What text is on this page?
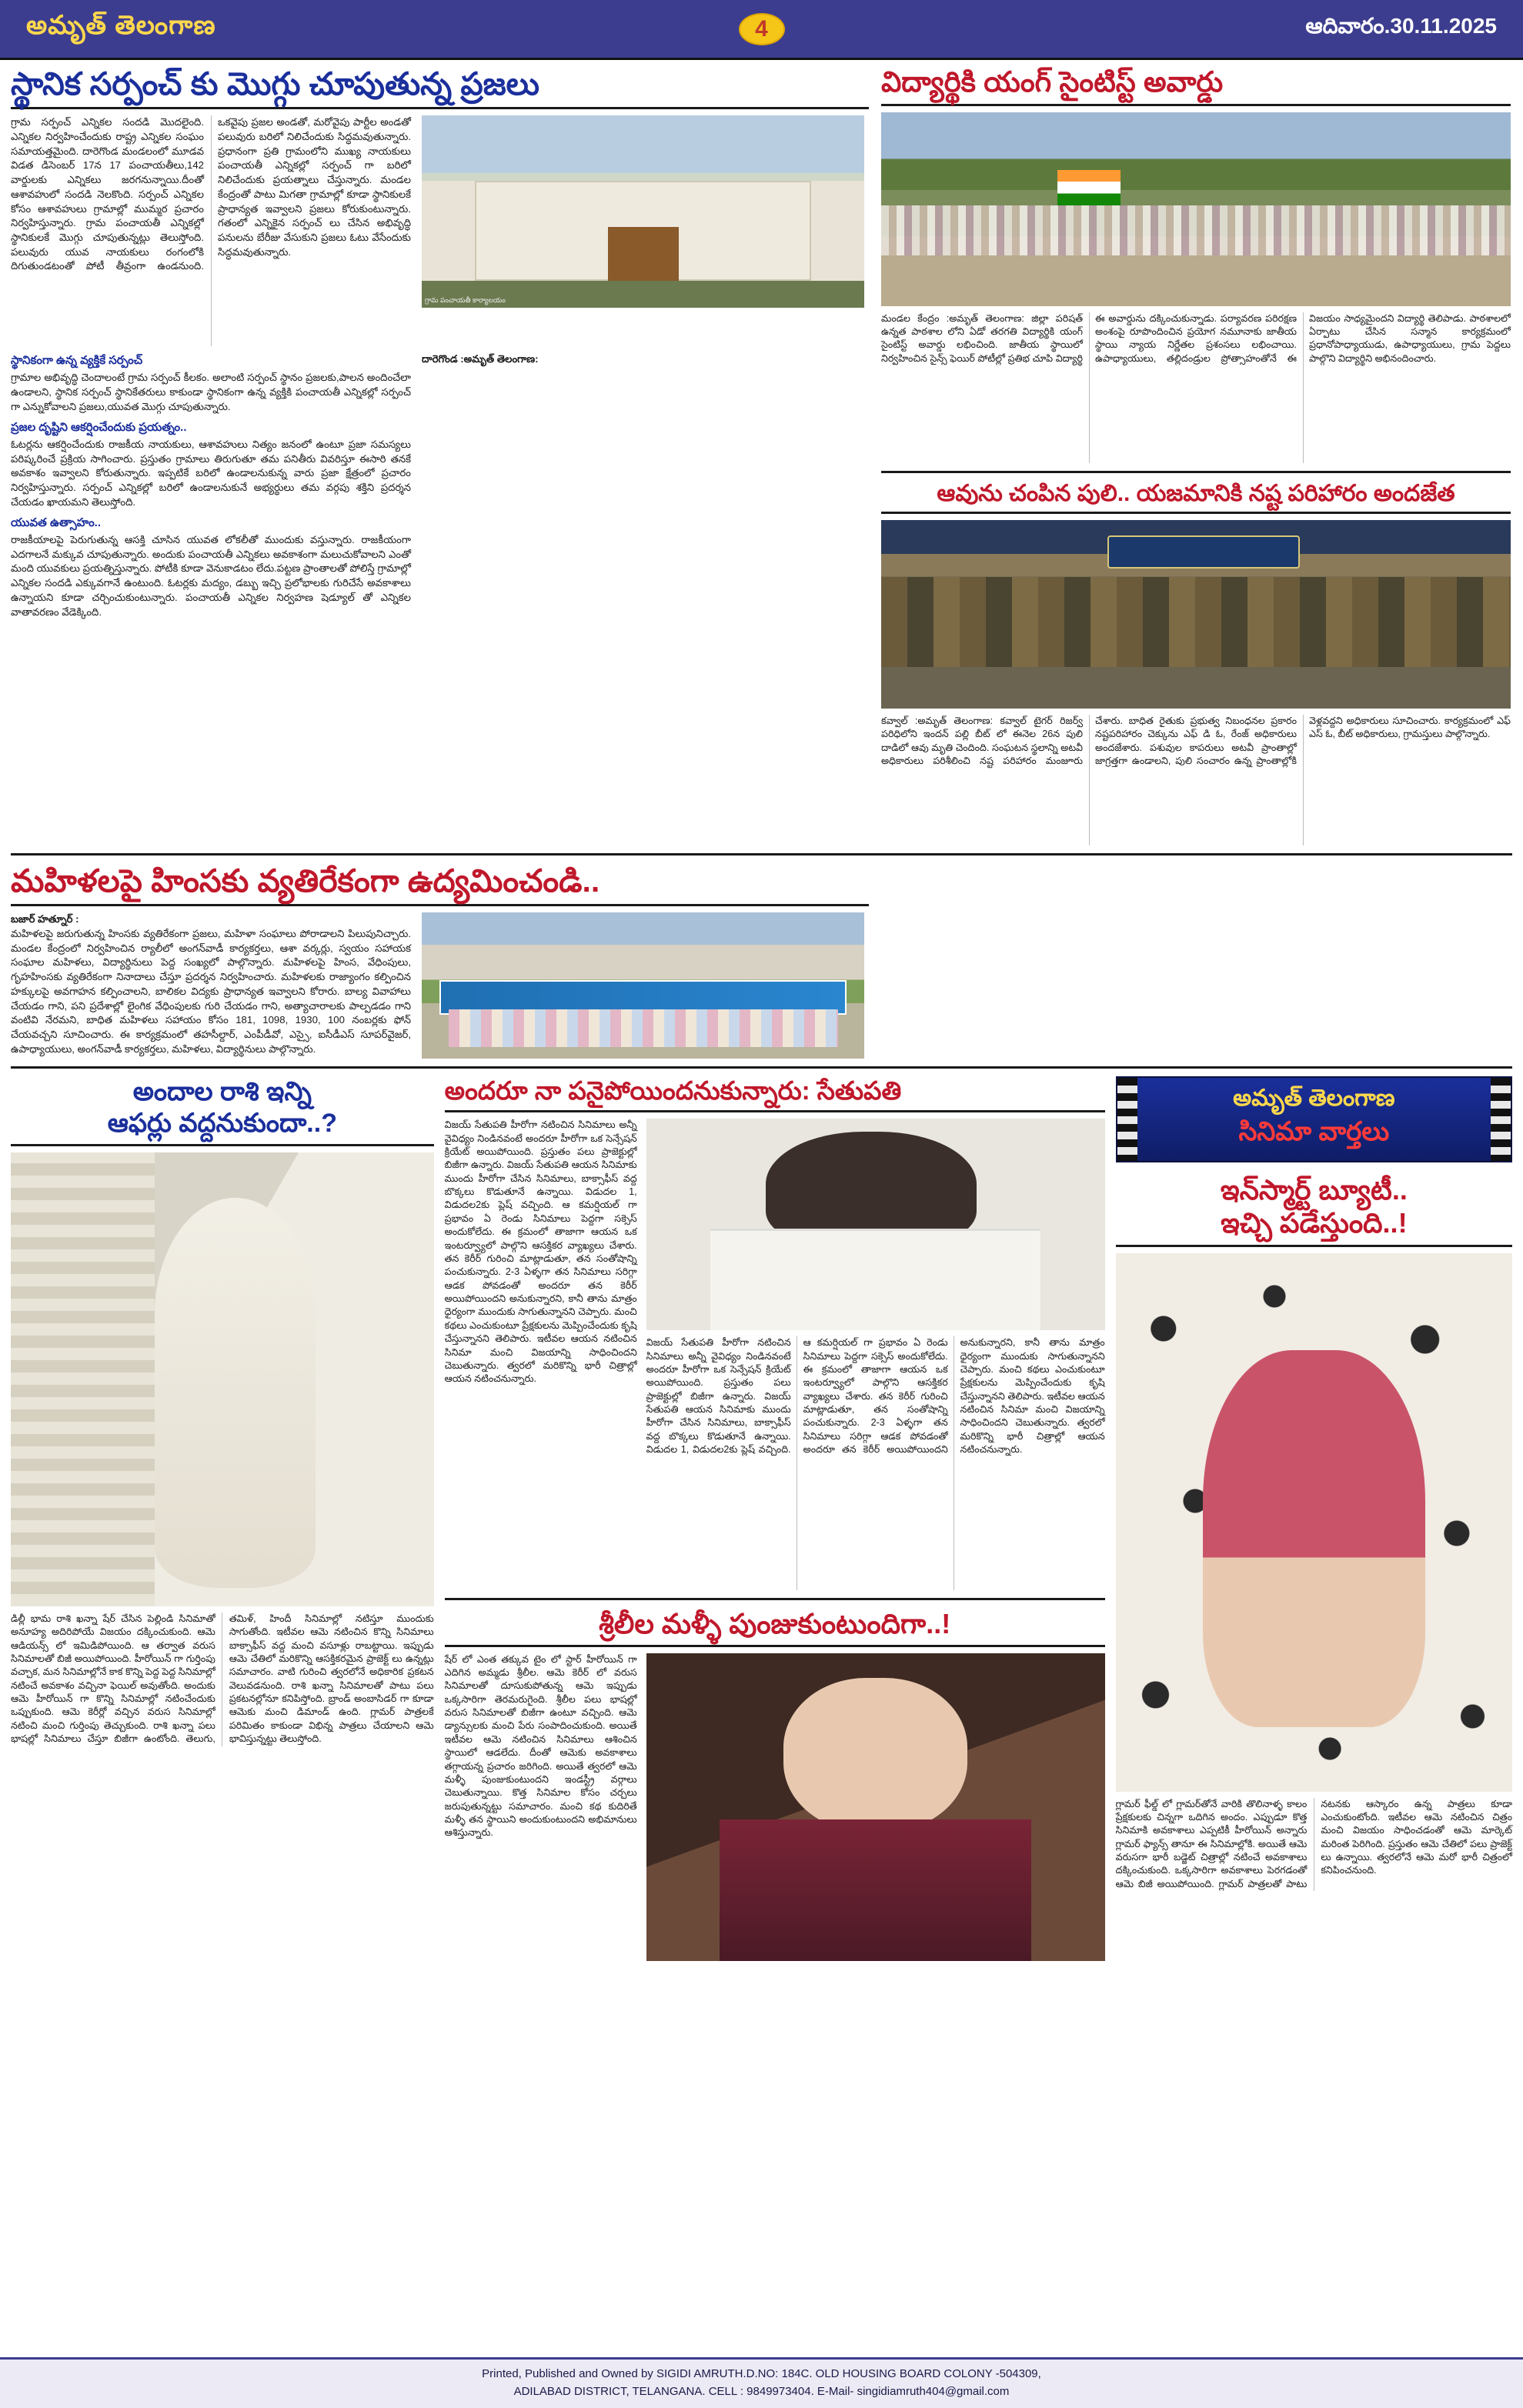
అమృత్ తెలంగాణ	4	ఆదివారం.30.11.2025
స్థానిక సర్పంచ్ కు మొగ్గు చూపుతున్న ప్రజలు
గ్రామ సర్పంచ్ ఎన్నికల సందడి మొదలైంది. ఎన్నికల నిర్వహించేందుకు రాష్ట్ర ఎన్నికల సంఘం సమాయత్తమైంది. దారెగొండ మండలంలో మూడవ విడత డిసెంబర్ 17న 17 పంచాయతీలు,142 వార్డులకు ఎన్నికలు జరగనున్నాయి.దీంతో ఆశావహులో సందడి నెలకొంది. సర్పంచ్ ఎన్నికల కోసం ఆశావహులు గ్రామాల్లో ముమ్మర ప్రచారం నిర్వహిస్తున్నారు. గ్రామ పంచాయతీ ఎన్నికల్లో స్థానికులకే మొగ్గు చూపుతున్నట్లు తెలుస్తోంది. పలువురు యువ నాయకులు రంగంలోకి దిగుతుండటంతో పోటీ తీవ్రంగా ఉండనుంది. ఒకవైపు ప్రజల అండతో, మరోవైపు పార్టీల అండతో పలువురు బరిలో నిలిచేందుకు సిద్ధమవుతున్నారు. ప్రధానంగా ప్రతి గ్రామంలోని ముఖ్య నాయకులు పంచాయతీ ఎన్నికల్లో సర్పంచ్ గా బరిలో నిలిచేందుకు ప్రయత్నాలు చేస్తున్నారు. మండల కేంద్రంతో పాటు మిగతా గ్రామాల్లో కూడా స్థానికులకే ప్రాధాన్యత ఇవ్వాలని ప్రజలు కోరుకుంటున్నారు. గతంలో ఎన్నికైన సర్పంచ్ లు చేసిన అభివృద్ధి పనులను బేరీజు వేసుకుని ప్రజలు ఓటు వేసేందుకు సిద్ధమవుతున్నారు.
గ్రామ పంచాయతీ కార్యాలయం
స్థానికంగా ఉన్న వ్యక్తికే సర్పంచ్
గ్రామాల అభివృద్ధి చెందాలంటే గ్రామ సర్పంచ్ కీలకం. అలాంటి సర్పంచ్ స్థానం ప్రజలకు,పాలన అందించేలా ఉండాలని, స్థానిక సర్పంచ్ స్థానికేతరులు కాకుండా స్థానికంగా ఉన్న వ్యక్తికి పంచాయతీ ఎన్నికల్లో సర్పంచ్ గా ఎన్నుకోవాలని ప్రజలు,యువత మొగ్గు చూపుతున్నారు.
ప్రజల దృష్టిని ఆకర్షించేందుకు ప్రయత్నం..
ఓటర్లను ఆకర్షించేందుకు రాజకీయ నాయకులు, ఆశావహులు నిత్యం జనంలో ఉంటూ ప్రజా సమస్యలు పరిష్కరించే ప్రక్రియ సాగించారు. ప్రస్తుతం గ్రామాలు తిరుగుతూ తమ పనితీరు వివరిస్తూ ఈసారి తనకే అవకాశం ఇవ్వాలని కోరుతున్నారు. ఇప్పటికే బరిలో ఉండాలనుకున్న వారు ప్రజా క్షేత్రంలో ప్రచారం నిర్వహిస్తున్నారు. సర్పంచ్ ఎన్నికల్లో బరిలో ఉండాలనుకునే అభ్యర్థులు తమ వర్గపు శక్తిని ప్రదర్శన చేయడం ఖాయమని తెలుస్తోంది.
యువత ఉత్సాహం..
రాజకీయాలపై పెరుగుతున్న ఆసక్తి చూసిన యువత లోకలీతో ముందుకు వస్తున్నారు. రాజకీయంగా ఎదగాలనే మక్కువ చూపుతున్నారు. అందుకు పంచాయతీ ఎన్నికలు అవకాశంగా మలుచుకోవాలని ఎంతో మంది యువకులు ప్రయత్నిస్తున్నారు. పోటీకి కూడా వెనుకాడటం లేదు.పట్టణ ప్రాంతాలతో పోలిస్తే గ్రామాల్లో ఎన్నికల సందడి ఎక్కువగానే ఉంటుంది. ఓటర్లకు మద్యం, డబ్బు ఇచ్చి ప్రలోభాలకు గురిచేసే అవకాశాలు ఉన్నాయని కూడా చర్చించుకుంటున్నారు. పంచాయతీ ఎన్నికల నిర్వహణ షెడ్యూల్ తో ఎన్నికల వాతావరణం వేడెక్కింది.
దారెగొండ :అమృత్ తెలంగాణ:
విద్యార్థికి యంగ్ సైంటిస్ట్ అవార్డు
మండల కేంద్రం :అమృత్ తెలంగాణ: జిల్లా పరిషత్ ఉన్నత పాఠశాల లోని ఏడో తరగతి విద్యార్థికి యంగ్ సైంటిస్ట్ అవార్డు లభించింది. జాతీయ స్థాయిలో నిర్వహించిన సైన్స్ ఫెయిర్ పోటీల్లో ప్రతిభ చూపి విద్యార్థి ఈ అవార్డును దక్కించుకున్నాడు. పర్యావరణ పరిరక్షణ అంశంపై రూపొందించిన ప్రయోగ నమూనాకు జాతీయ స్థాయి న్యాయ నిర్ణేతల ప్రశంసలు లభించాయి. ఉపాధ్యాయులు, తల్లిదండ్రుల ప్రోత్సాహంతోనే ఈ విజయం సాధ్యమైందని విద్యార్థి తెలిపాడు. పాఠశాలలో ఏర్పాటు చేసిన సన్మాన కార్యక్రమంలో ప్రధానోపాధ్యాయుడు, ఉపాధ్యాయులు, గ్రామ పెద్దలు పాల్గొని విద్యార్థిని అభినందించారు.
ఆవును చంపిన పులి.. యజమానికి నష్ట పరిహారం అందజేత
కవ్వాల్ :అమృత్ తెలంగాణ: కవ్వాల్ టైగర్ రిజర్వ్ పరిధిలోని ఇందన్ పల్లి బీట్ లో ఈనెల 26న పులి దాడిలో ఆవు మృతి చెందింది. సంఘటన స్థలాన్ని అటవీ అధికారులు పరిశీలించి నష్ట పరిహారం మంజూరు చేశారు. బాధిత రైతుకు ప్రభుత్వ నిబంధనల ప్రకారం నష్టపరిహారం చెక్కును ఎఫ్ డి ఓ, రేంజ్ అధికారులు అందజేశారు. పశువుల కాపరులు అటవీ ప్రాంతాల్లో జాగ్రత్తగా ఉండాలని, పులి సంచారం ఉన్న ప్రాంతాల్లోకి వెళ్లవద్దని అధికారులు సూచించారు. కార్యక్రమంలో ఎఫ్ ఎస్ ఓ, బీట్ అధికారులు, గ్రామస్తులు పాల్గొన్నారు.
మహిళలపై హింసకు వ్యతిరేకంగా ఉద్యమించండి..
బజార్ హత్నూర్ :
మహిళలపై జరుగుతున్న హింసకు వ్యతిరేకంగా ప్రజలు, మహిళా సంఘాలు పోరాడాలని పిలుపునిచ్చారు. మండల కేంద్రంలో నిర్వహించిన ర్యాలీలో అంగన్‌వాడీ కార్యకర్తలు, ఆశా వర్కర్లు, స్వయం సహాయక సంఘాల మహిళలు, విద్యార్థినులు పెద్ద సంఖ్యలో పాల్గొన్నారు. మహిళలపై హింస, వేధింపులు, గృహహింసకు వ్యతిరేకంగా నినాదాలు చేస్తూ ప్రదర్శన నిర్వహించారు. మహిళలకు రాజ్యాంగం కల్పించిన హక్కులపై అవగాహన కల్పించాలని, బాలికల విద్యకు ప్రాధాన్యత ఇవ్వాలని కోరారు. బాల్య వివాహాలు చేయడం గాని, పని ప్రదేశాల్లో లైంగిక వేధింపులకు గురి చేయడం గాని, అత్యాచారాలకు పాల్పడడం గాని వంటివి నేరమని, బాధిత మహిళలు సహాయం కోసం 181, 1098, 1930, 100 నంబర్లకు ఫోన్ చేయవచ్చని సూచించారు. ఈ కార్యక్రమంలో తహసీల్దార్, ఎంపీడీవో, ఎస్సై, ఐసీడీఎస్ సూపర్‌వైజర్, ఉపాధ్యాయులు, అంగన్‌వాడీ కార్యకర్తలు, మహిళలు, విద్యార్థినులు పాల్గొన్నారు.
అందాల రాశి ఇన్ని
ఆఫర్లు వద్దనుకుందా..?
డిల్లీ భామ రాశి ఖన్నా షేర్ చేసిన పెల్లిండి సినిమాతో అనూహ్య అదిరిపోయే విజయం దక్కించుకుంది. ఆమె ఆడియన్స్ లో ఇమిడిపోయింది. ఆ తర్వాత వరుస సినిమాలతో బిజీ అయిపోయింది. హీరోయిన్ గా గుర్తింపు వచ్చాక, మన సినిమాల్లోనే కాక కొన్ని పెద్ద పెద్ద సినిమాల్లో నటించే అవకాశం వచ్చినా ఫెయిల్ అవుతోంది. అందుకు ఆమె హీరోయిన్ గా కొన్ని సినిమాల్లో నటించేందుకు ఒప్పుకుంది. ఆమె కెరీర్లో వచ్చిన వరుస సినిమాల్లో నటించి మంచి గుర్తింపు తెచ్చుకుంది. రాశి ఖన్నా పలు భాషల్లో సినిమాలు చేస్తూ బిజీగా ఉంటోంది. తెలుగు, తమిళ్, హిందీ సినిమాల్లో నటిస్తూ ముందుకు సాగుతోంది. ఇటీవల ఆమె నటించిన కొన్ని సినిమాలు బాక్సాఫీస్ వద్ద మంచి వసూళ్లు రాబట్టాయి. ఇప్పుడు ఆమె చేతిలో మరికొన్ని ఆసక్తికరమైన ప్రాజెక్ట్ లు ఉన్నట్లు సమాచారం. వాటి గురించి త్వరలోనే అధికారిక ప్రకటన వెలువడనుంది. రాశి ఖన్నా సినిమాలతో పాటు పలు ప్రకటనల్లోనూ కనిపిస్తోంది. బ్రాండ్ అంబాసిడర్ గా కూడా ఆమెకు మంచి డిమాండ్ ఉంది. గ్లామర్ పాత్రలకే పరిమితం కాకుండా విభిన్న పాత్రలు చేయాలని ఆమె భావిస్తున్నట్టు తెలుస్తోంది.
అందరూ నా పనైపోయిందనుకున్నారు: సేతుపతి
విజయ్ సేతుపతి హీరోగా నటించిన సినిమాలు అన్నీ వైవిధ్యం నిండినవంటే అందరూ హీరోగా ఒక సెన్సేషన్ క్రియేట్ అయిపోయింది. ప్రస్తుతం పలు ప్రాజెక్టుల్లో బిజీగా ఉన్నారు. విజయ్ సేతుపతి ఆయన సినిమాకు ముందు హీరోగా చేసిన సినిమాలు, బాక్సాఫీస్ వద్ద బొక్కలు కొడుతూనే ఉన్నాయి. విడుదల 1, విడుదల2కు ప్లెష్‌ వచ్చింది. ఆ కమర్షియల్ గా ప్రభావం ఏ రెండు సినిమాలు పెద్దగా సక్సెస్ అందుకోలేదు. ఈ క్రమంలో తాజాగా ఆయన ఒక ఇంటర్వ్యూలో పాల్గొని ఆసక్తికర వ్యాఖ్యలు చేశారు. తన కెరీర్ గురించి మాట్లాడుతూ, తన సంతోషాన్ని పంచుకున్నారు. 2-3 ఏళ్ళగా తన సినిమాలు సరిగ్గా ఆడక పోవడంతో అందరూ తన కెరీర్ అయిపోయిందని అనుకున్నారని, కానీ తాను మాత్రం ధైర్యంగా ముందుకు సాగుతున్నానని చెప్పారు. మంచి కథలు ఎంచుకుంటూ ప్రేక్షకులను మెప్పించేందుకు కృషి చేస్తున్నానని తెలిపారు. ఇటీవల ఆయన నటించిన సినిమా మంచి విజయాన్ని సాధించిందని చెబుతున్నారు. త్వరలో మరికొన్ని భారీ చిత్రాల్లో ఆయన నటించనున్నారు.
విజయ్ సేతుపతి హీరోగా నటించిన సినిమాలు అన్నీ వైవిధ్యం నిండినవంటే అందరూ హీరోగా ఒక సెన్సేషన్ క్రియేట్ అయిపోయింది. ప్రస్తుతం పలు ప్రాజెక్టుల్లో బిజీగా ఉన్నారు. విజయ్ సేతుపతి ఆయన సినిమాకు ముందు హీరోగా చేసిన సినిమాలు, బాక్సాఫీస్ వద్ద బొక్కలు కొడుతూనే ఉన్నాయి. విడుదల 1, విడుదల2కు ప్లెష్‌ వచ్చింది. ఆ కమర్షియల్ గా ప్రభావం ఏ రెండు సినిమాలు పెద్దగా సక్సెస్ అందుకోలేదు. ఈ క్రమంలో తాజాగా ఆయన ఒక ఇంటర్వ్యూలో పాల్గొని ఆసక్తికర వ్యాఖ్యలు చేశారు. తన కెరీర్ గురించి మాట్లాడుతూ, తన సంతోషాన్ని పంచుకున్నారు. 2-3 ఏళ్ళగా తన సినిమాలు సరిగ్గా ఆడక పోవడంతో అందరూ తన కెరీర్ అయిపోయిందని అనుకున్నారని, కానీ తాను మాత్రం ధైర్యంగా ముందుకు సాగుతున్నానని చెప్పారు. మంచి కథలు ఎంచుకుంటూ ప్రేక్షకులను మెప్పించేందుకు కృషి చేస్తున్నానని తెలిపారు. ఇటీవల ఆయన నటించిన సినిమా మంచి విజయాన్ని సాధించిందని చెబుతున్నారు. త్వరలో మరికొన్ని భారీ చిత్రాల్లో ఆయన నటించనున్నారు.
శ్రీలీల మళ్ళీ పుంజుకుంటుందిగా..!
షేర్ లో ఎంత తక్కువ టైం లో స్టార్ హీరోయిన్ గా ఎదిగిన అమ్మడు శ్రీలీల. ఆమె కెరీర్ లో వరుస సినిమాలతో దూసుకుపోతున్న ఆమె ఇప్పుడు ఒక్కసారిగా తెరమరుగైంది. శ్రీలీల పలు భాషల్లో వరుస సినిమాలతో బిజీగా ఉంటూ వచ్చింది. ఆమె డ్యాన్సులకు మంచి పేరు సంపాదించుకుంది. అయితే ఇటీవల ఆమె నటించిన సినిమాలు ఆశించిన స్థాయిలో ఆడలేదు. దీంతో ఆమెకు అవకాశాలు తగ్గాయన్న ప్రచారం జరిగింది. అయితే త్వరలో ఆమె మళ్ళీ పుంజుకుంటుందని ఇండస్ట్రీ వర్గాలు చెబుతున్నాయి. కొత్త సినిమాల కోసం చర్చలు జరుపుతున్నట్టు సమాచారం. మంచి కథ కుదిరితే మళ్ళీ తన స్థాయిని అందుకుంటుందని అభిమానులు ఆశిస్తున్నారు.
అమృత్ తెలంగాణ
సినిమా వార్తలు
ఇన్‌స్మార్ట్ బ్యూటీ..
ఇచ్చి పడేస్తుంది..!
గ్లామర్ ఫీల్డ్ లో గ్లామర్‌తోనే వారికి తొలినాళ్ళ కాలం ప్రేక్షకులకు చిన్నగా ఒదిగిన అందం. ఎప్పుడూ కొత్త సినిమాకి అవకాశాలు ఎప్పటికీ హీరోయిన్ అన్నారు గ్లామర్ ఫ్యాన్స్ తానూ ఈ సినిమాల్లోకి. అయితే ఆమె వరుసగా భారీ బడ్జెట్ చిత్రాల్లో నటించే అవకాశాలు దక్కించుకుంది. ఒక్కసారిగా అవకాశాలు పెరగడంతో ఆమె బిజీ అయిపోయింది. గ్లామర్ పాత్రలతో పాటు నటనకు ఆస్కారం ఉన్న పాత్రలు కూడా ఎంచుకుంటోంది. ఇటీవల ఆమె నటించిన చిత్రం మంచి విజయం సాధించడంతో ఆమె మార్కెట్ మరింత పెరిగింది. ప్రస్తుతం ఆమె చేతిలో పలు ప్రాజెక్ట్ లు ఉన్నాయి. త్వరలోనే ఆమె మరో భారీ చిత్రంలో కనిపించనుంది.
Printed, Published and Owned by SIGIDI AMRUTH.D.NO: 184C. OLD HOUSING BOARD COLONY -504309,
ADILABAD DISTRICT, TELANGANA. CELL : 9849973404. E-Mail- singidiamruth404@gmail.com
